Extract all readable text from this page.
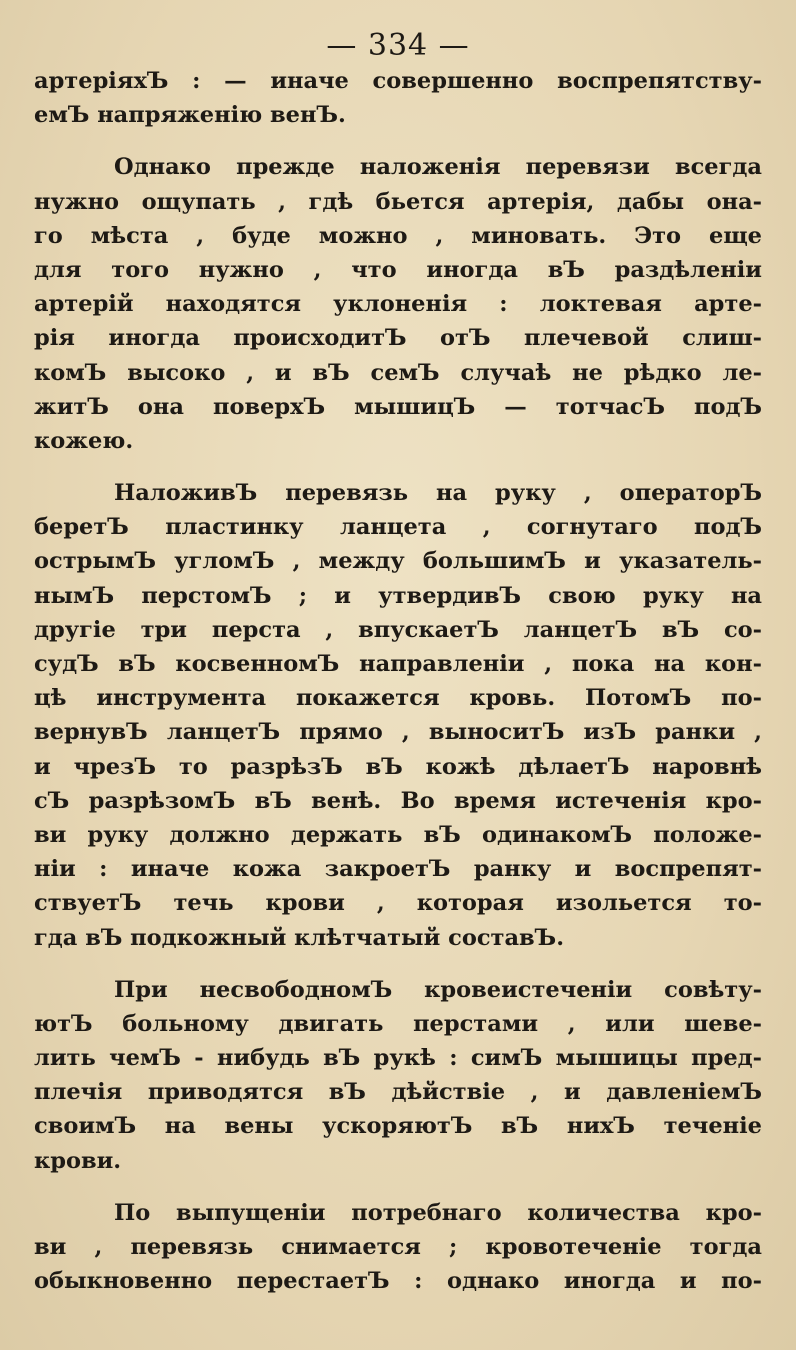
— 334 —
артеріяхЪ : — иначе совершенно воспрепятству-
емЪ напряженію венЪ.
Однако прежде наложенія перевязи всегда
нужно ощупать , гдѣ бьется артерія, дабы она-
го мѣста , буде можно , миновать. Это еще
для того нужно , что иногда вЪ раздѣленіи
артерій находятся уклоненія : локтевая арте-
рія иногда происходитЪ отЪ плечевой слиш-
комЪ высоко , и вЪ семЪ случаѣ не рѣдко ле-
житЪ она поверхЪ мышицЪ — тотчасЪ подЪ
кожею.
НаложивЪ перевязь на руку , операторЪ
беретЪ пластинку ланцета , согнутаго подЪ
острымЪ угломЪ , между большимЪ и указатель-
нымЪ перстомЪ ; и утвердивЪ свою руку на
другіе три перста , впускаетЪ ланцетЪ вЪ со-
судЪ вЪ косвенномЪ направленіи , пока на кон-
цѣ инструмента покажется кровь. ПотомЪ по-
вернувЪ ланцетЪ прямо , выноситЪ изЪ ранки ,
и чрезЪ то разрѣзЪ вЪ кожѣ дѣлаетЪ наровнѣ
сЪ разрѣзомЪ вЪ венѣ. Во время истеченія кро-
ви руку должно держать вЪ одинакомЪ положе-
ніи : иначе кожа закроетЪ ранку и воспрепят-
ствуетЪ течь крови , которая изольется то-
гда вЪ подкожный клѣтчатый составЪ.
При несвободномЪ кровеистеченіи совѣту-
ютЪ больному двигать перстами , или шеве-
лить чемЪ - нибудь вЪ рукѣ : симЪ мышицы пред-
плечія приводятся вЪ дѣйствіе , и давленіемЪ
своимЪ на вены ускоряютЪ вЪ нихЪ теченіе
крови.
По выпущеніи потребнаго количества кро-
ви , перевязь снимается ; кровотеченіе тогда
обыкновенно перестаетЪ : однако иногда и по-
